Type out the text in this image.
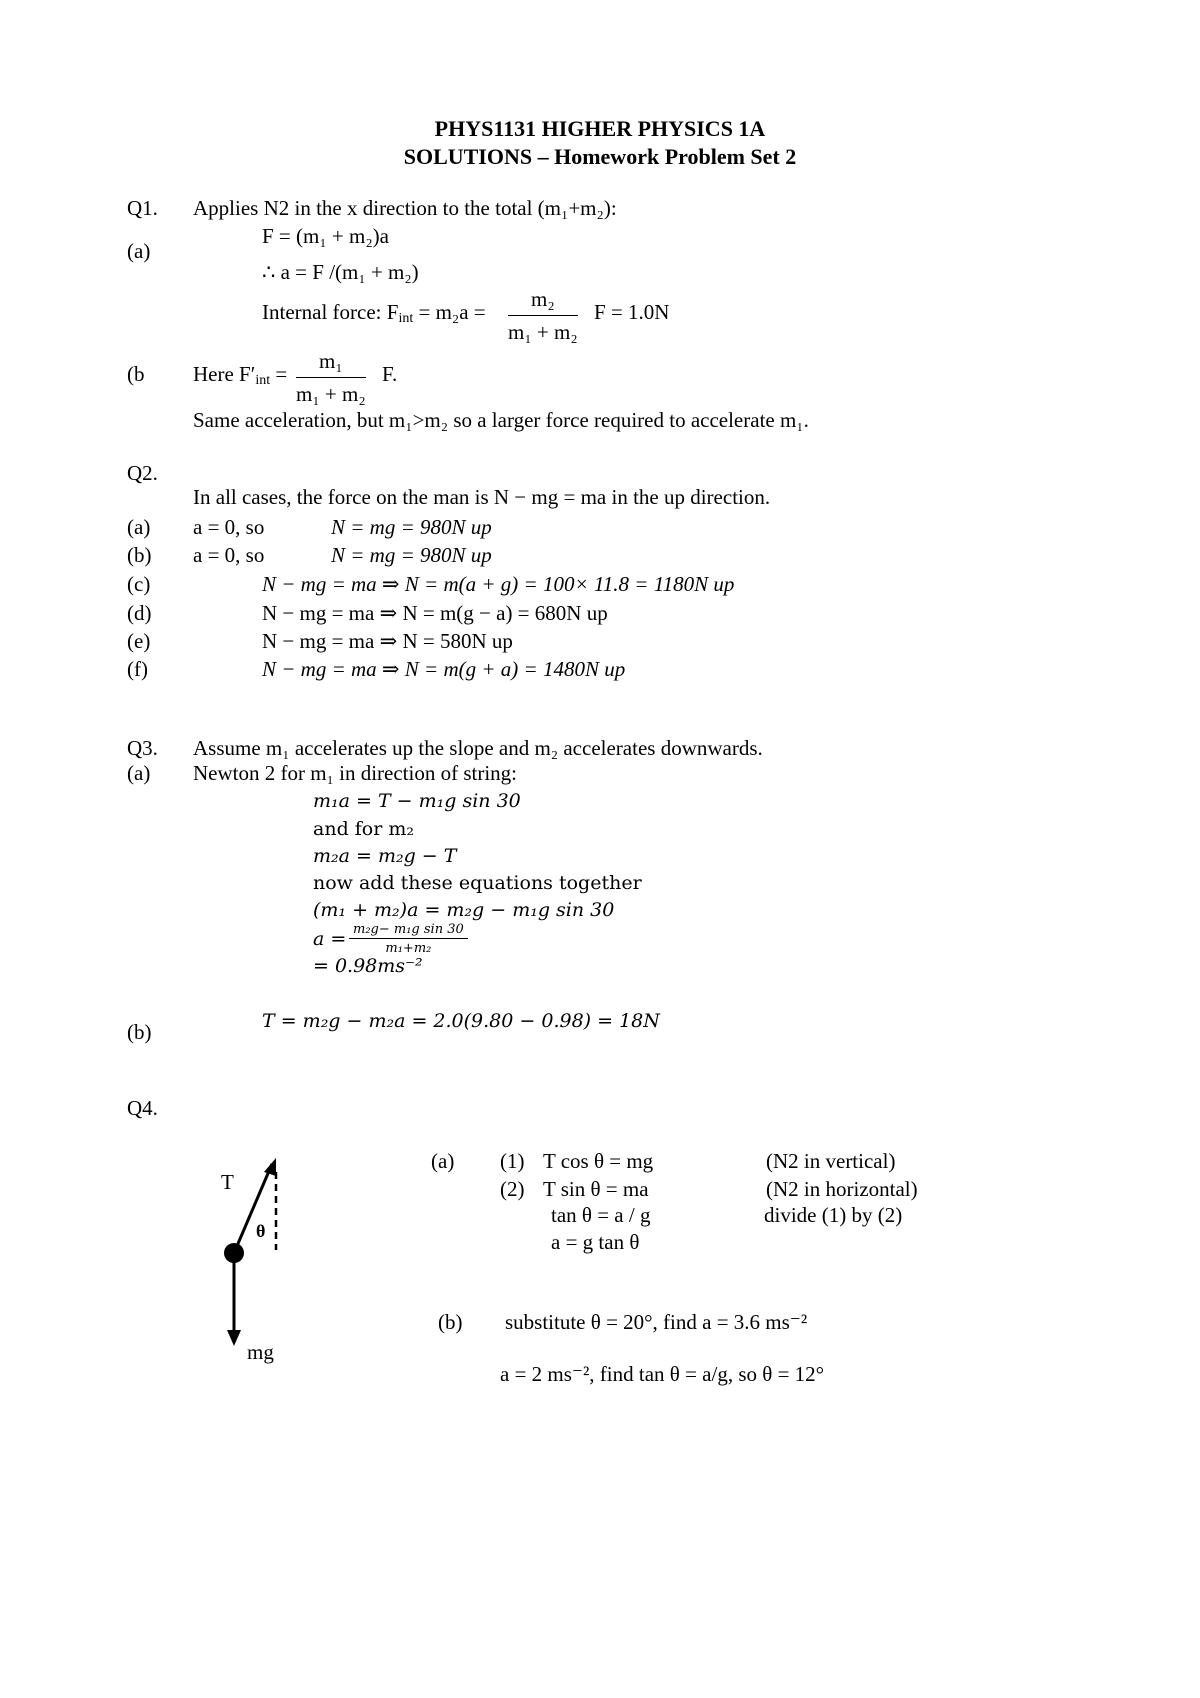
PHYS1131 HIGHER PHYSICS 1A
SOLUTIONS – Homework Problem Set 2
Q1. Applies N2 in the x direction to the total (m₁+m₂):
(a)
F = (m₁ + m₂)a
∴ a = F /(m₁ + m₂)
Internal force: $F_{int} = m_2a = \frac{\text{m₂}}{\text{m₁ + m₂}}$ F = 1.0N
(b Here $F'_{int} = \frac{\text{m₁}}{\text{m₁ + m₂}} F$.
Same acceleration, but m₁>m₂ so a larger force required to accelerate m₁.
Q2.
In all cases, the force on the man is N − mg = ma in the up direction.
(a) a = 0, so	N = mg = 980N up
(b) a = 0, so	N = mg = 980N up
(c)	N − mg = ma ⇒ N = m(a + g) = 100× 11.8 = 1180N up
(d)	N − mg = ma ⇒ N = m(g − a) = 680N up
(e)	N − mg = ma ⇒ N = 580N up
(f)	N − mg = ma ⇒ N = m(g + a) = 1480N up
Q3. Assume m₁ accelerates up the slope and m₂ accelerates downwards.
(a) Newton 2 for m₁ in direction of string:
m₁a = T − m₁g sin 30
and for m₂
m₂a = m₂g − T
now add these equations together
(m₁ + m₂)a = m₂g − m₁g sin 30
$a = \frac{\text{m₂g− m₁g sin 30}}{\text{m₁+m₂}}$
= 0.98ms⁻²
(b)	T = m₂g − m₂a = 2.0(9.80 − 0.98) = 18N
Q4.
T
θ
mg
(a) (1) T cos θ = mg	(N2 in vertical)
(2) T sin θ = ma	(N2 in horizontal)
tan θ = a / g	divide (1) by (2)
a = g tan θ
(b) substitute θ = 20°, find a = 3.6 ms⁻²
a = 2 ms⁻², find tan θ = a/g, so θ = 12°
